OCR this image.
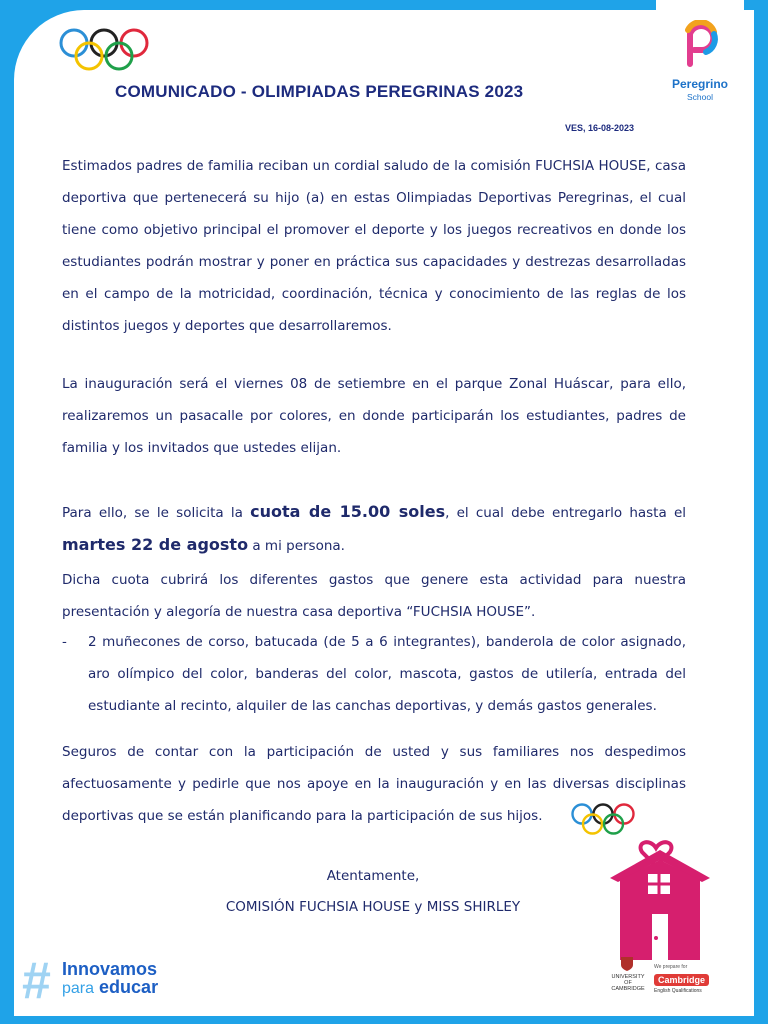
COMUNICADO - OLIMPIADAS PEREGRINAS 2023
VES, 16-08-2023
Peregrino
School
Estimados padres de familia reciban un cordial saludo de la comisión FUCHSIA HOUSE, casa deportiva que pertenecerá su hijo (a) en estas Olimpiadas Deportivas Peregrinas, el cual tiene como objetivo principal el promover el deporte y los juegos recreativos en donde los estudiantes podrán mostrar y poner en práctica sus capacidades y destrezas desarrolladas en el campo de la motricidad, coordinación, técnica y conocimiento de las reglas de los distintos juegos y deportes que desarrollaremos.
La inauguración será el viernes 08 de setiembre en el parque Zonal Huáscar, para ello, realizaremos un pasacalle por colores, en donde participarán los estudiantes, padres de familia y los invitados que ustedes elijan.
Para ello, se le solicita la cuota de 15.00 soles, el cual debe entregarlo hasta el martes 22 de agosto a mi persona.
Dicha cuota cubrirá los diferentes gastos que genere esta actividad para nuestra presentación y alegoría de nuestra casa deportiva “FUCHSIA HOUSE”.
- 2 muñecones de corso, batucada (de 5 a 6 integrantes), banderola de color asignado, aro olímpico del color, banderas del color, mascota, gastos de utilería, entrada del estudiante al recinto, alquiler de las canchas deportivas, y demás gastos generales.
Seguros de contar con la participación de usted y sus familiares nos despedimos afectuosamente y pedirle que nos apoye en la inauguración y en las diversas disciplinas deportivas que se están planificando para la participación de sus hijos.
Atentamente,
COMISIÓN FUCHSIA HOUSE y MISS SHIRLEY
# Innovamos
para educar	UNIVERSITY OF CAMBRIDGE
We prepare for
Cambridge
English Qualifications
